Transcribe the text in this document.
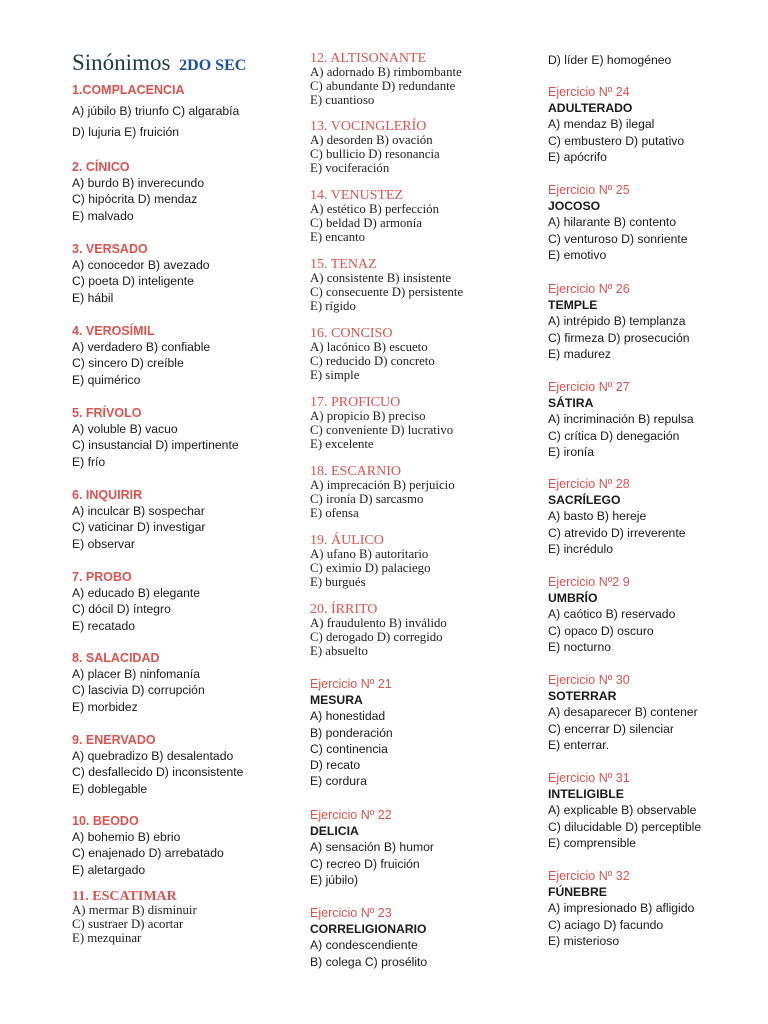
Sinónimos 2DO SEC
1.COMPLACENCIA
A) júbilo B) triunfo C) algarabía
D) lujuria E) fruición
2. CÍNICO
A) burdo B) inverecundo
C) hipócrita D) mendaz
E) malvado
3. VERSADO
A) conocedor B) avezado
C) poeta D) inteligente
E) hábil
4. VEROSÍMIL
A) verdadero B) confiable
C) sincero D) creíble
E) quimérico
5. FRÍVOLO
A) voluble B) vacuo
C) insustancial D) impertinente
E) frío
6. INQUIRIR
A) inculcar B) sospechar
C) vaticinar D) investigar
E) observar
7. PROBO
A) educado B) elegante
C) dócil D) íntegro
E) recatado
8. SALACIDAD
A) placer B) ninfomanía
C) lascivia D) corrupción
E) morbidez
9. ENERVADO
A) quebradizo B) desalentado
C) desfallecido D) inconsistente
E) doblegable
10. BEODO
A) bohemio B) ebrio
C) enajenado D) arrebatado
E) aletargado
11. ESCATIMAR
A) mermar B) disminuir
C) sustraer D) acortar
E) mezquinar
12. ALTISONANTE
A) adornado B) rimbombante
C) abundante D) redundante
E) cuantioso
13. VOCINGLERÍO
A) desorden B) ovación
C) bullicio D) resonancia
E) vociferación
14. VENUSTEZ
A) estético B) perfección
C) beldad D) armonía
E) encanto
15. TENAZ
A) consistente B) insistente
C) consecuente D) persistente
E) rígido
16. CONCISO
A) lacónico B) escueto
C) reducido D) concreto
E) simple
17. PROFICUO
A) propicio B) preciso
C) conveniente D) lucrativo
E) excelente
18. ESCARNIO
A) imprecación B) perjuicio
C) ironía D) sarcasmo
E) ofensa
19. ÁULICO
A) ufano B) autoritario
C) eximio D) palaciego
E) burgués
20. ÍRRITO
A) fraudulento B) inválido
C) derogado D) corregido
E) absuelto
Ejercicio Nº 21
MESURA
A) honestidad
B) ponderación
C) continencia
D) recato
E) cordura
Ejercicio Nº 22
DELICIA
A) sensación B) humor
C) recreo D) fruición
E) júbilo)
Ejercicio Nº 23
CORRELIGIONARIO
A) condescendiente
B) colega C) prosélito
D) líder E) homogéneo
Ejercicio Nº 24
ADULTERADO
A) mendaz B) ilegal
C) embustero D) putativo
E) apócrifo
Ejercicio Nº 25
JOCOSO
A) hilarante B) contento
C) venturoso D) sonriente
E) emotivo
Ejercicio Nº 26
TEMPLE
A) intrépido B) templanza
C) firmeza D) prosecución
E) madurez
Ejercicio Nº 27
SÁTIRA
A) incriminación B) repulsa
C) crítica D) denegación
E) ironía
Ejercicio Nº 28
SACRÍLEGO
A) basto B) hereje
C) atrevido D) irreverente
E) incrédulo
Ejercicio Nº2 9
UMBRÍO
A) caótico B) reservado
C) opaco D) oscuro
E) nocturno
Ejercicio Nº 30
SOTERRAR
A) desaparecer B) contener
C) encerrar D) silenciar
E) enterrar.
Ejercicio Nº 31
INTELIGIBLE
A) explicable B) observable
C) dilucidable D) perceptible
E) comprensible
Ejercicio Nº 32
FÚNEBRE
A) impresionado B) afligido
C) aciago D) facundo
E) misterioso
